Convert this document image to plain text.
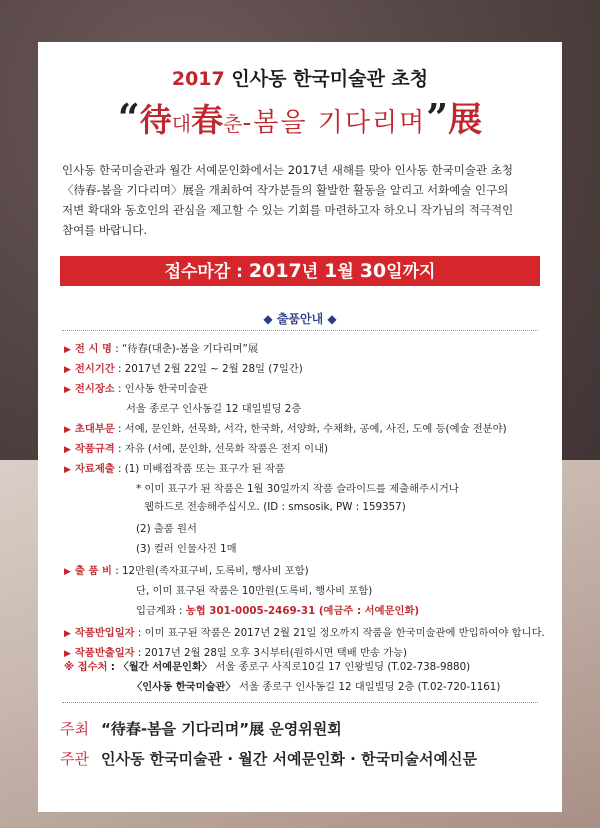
2017 인사동 한국미술관 초청
“待대春춘-봄을 기다리며”展
인사동 한국미술관과 월간 서예문인화에서는 2017년 새해를 맞아 인사동 한국미술관 초청
〈待春-봄을 기다리며〉展을 개최하여 작가분들의 활발한 활동을 알리고 서화예술 인구의
저변 확대와 동호인의 관심을 제고할 수 있는 기회를 마련하고자 하오니 작가님의 적극적인
참여를 바랍니다.
접수마감 : 2017년 1월 30일까지
◆ 출품안내 ◆
▶ 전 시 명 : “待春(대춘)-봄을 기다리며”展
▶ 전시기간 : 2017년 2월 22일 ~ 2월 28일 (7일간)
▶ 전시장소 : 인사동 한국미술관
서울 종로구 인사동길 12 대일빌딩 2층
▶ 초대부문 : 서예, 문인화, 선묵화, 서각, 한국화, 서양화, 수채화, 공예, 사진, 도예 등(예술 전분야)
▶ 작품규격 : 자유 (서예, 문인화, 선묵화 작품은 전지 이내)
▶ 자료제출 : (1) 미배접작품 또는 표구가 된 작품
* 이미 표구가 된 작품은 1월 30일까지 작품 슬라이드를 제출해주시거나
웹하드로 전송해주십시오. (ID : smsosik, PW : 159357)
(2) 출품 원서
(3) 컬러 인물사진 1매
▶ 출 품 비 : 12만원(족자표구비, 도록비, 행사비 포함)
단, 이미 표구된 작품은 10만원(도록비, 행사비 포함)
입금계좌 : 농협 301-0005-2469-31 (예금주 : 서예문인화)
▶ 작품반입일자 : 이미 표구된 작품은 2017년 2월 21일 정오까지 작품을 한국미술관에 반입하여야 합니다.
▶ 작품반출일자 : 2017년 2월 28일 오후 3시부터(원하시면 택배 반송 가능)
※ 접수처 : 〈월간 서예문인화〉 서울 종로구 사직로10길 17 인왕빌딩 (T.02-738-9880)
〈인사동 한국미술관〉 서울 종로구 인사동길 12 대일빌딩 2층 (T.02-720-1161)
주최 “待春-봄을 기다리며”展 운영위원회
주관 인사동 한국미술관 · 월간 서예문인화 · 한국미술서예신문
